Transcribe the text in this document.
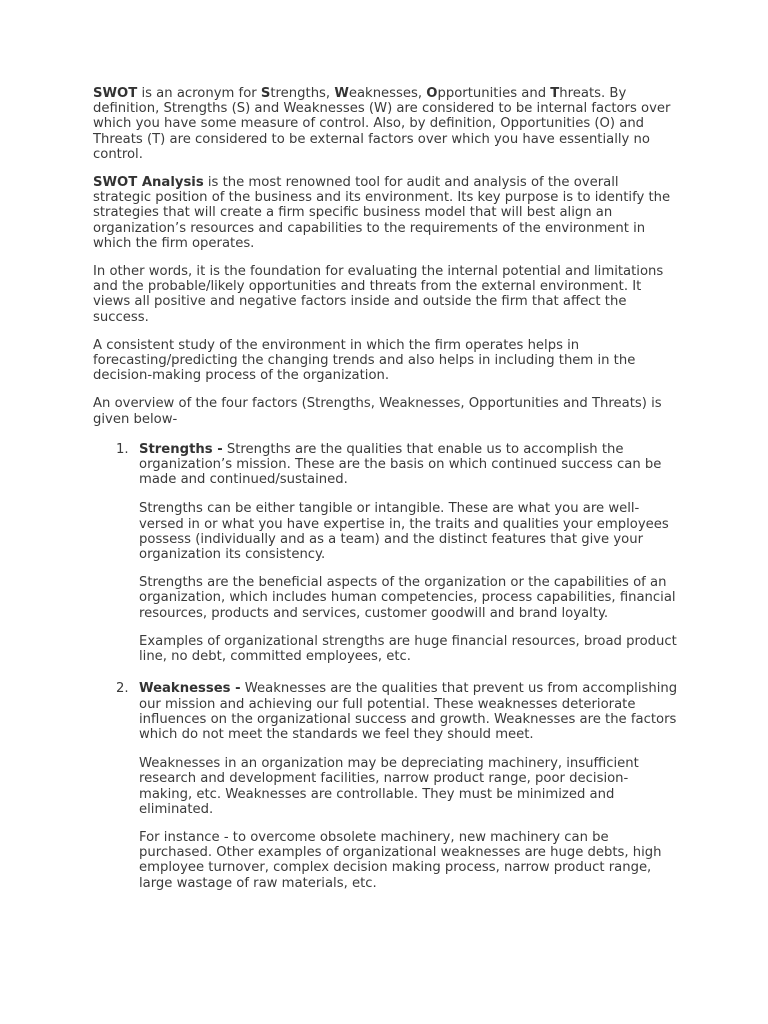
SWOT is an acronym for Strengths, Weaknesses, Opportunities and Threats. By definition, Strengths (S) and Weaknesses (W) are considered to be internal factors over which you have some measure of control. Also, by definition, Opportunities (O) and Threats (T) are considered to be external factors over which you have essentially no control.

SWOT Analysis is the most renowned tool for audit and analysis of the overall strategic position of the business and its environment. Its key purpose is to identify the strategies that will create a firm specific business model that will best align an organization’s resources and capabilities to the requirements of the environment in which the firm operates.

In other words, it is the foundation for evaluating the internal potential and limitations and the probable/likely opportunities and threats from the external environment. It views all positive and negative factors inside and outside the firm that affect the success.

A consistent study of the environment in which the firm operates helps in forecasting/predicting the changing trends and also helps in including them in the decision-making process of the organization.

An overview of the four factors (Strengths, Weaknesses, Opportunities and Threats) is given below-

1. Strengths - Strengths are the qualities that enable us to accomplish the organization’s mission. These are the basis on which continued success can be made and continued/sustained.

Strengths can be either tangible or intangible. These are what you are well-versed in or what you have expertise in, the traits and qualities your employees possess (individually and as a team) and the distinct features that give your organization its consistency.

Strengths are the beneficial aspects of the organization or the capabilities of an organization, which includes human competencies, process capabilities, financial resources, products and services, customer goodwill and brand loyalty.

Examples of organizational strengths are huge financial resources, broad product line, no debt, committed employees, etc.

2. Weaknesses - Weaknesses are the qualities that prevent us from accomplishing our mission and achieving our full potential. These weaknesses deteriorate influences on the organizational success and growth. Weaknesses are the factors which do not meet the standards we feel they should meet.

Weaknesses in an organization may be depreciating machinery, insufficient research and development facilities, narrow product range, poor decision-making, etc. Weaknesses are controllable. They must be minimized and eliminated.

For instance - to overcome obsolete machinery, new machinery can be purchased. Other examples of organizational weaknesses are huge debts, high employee turnover, complex decision making process, narrow product range, large wastage of raw materials, etc.
